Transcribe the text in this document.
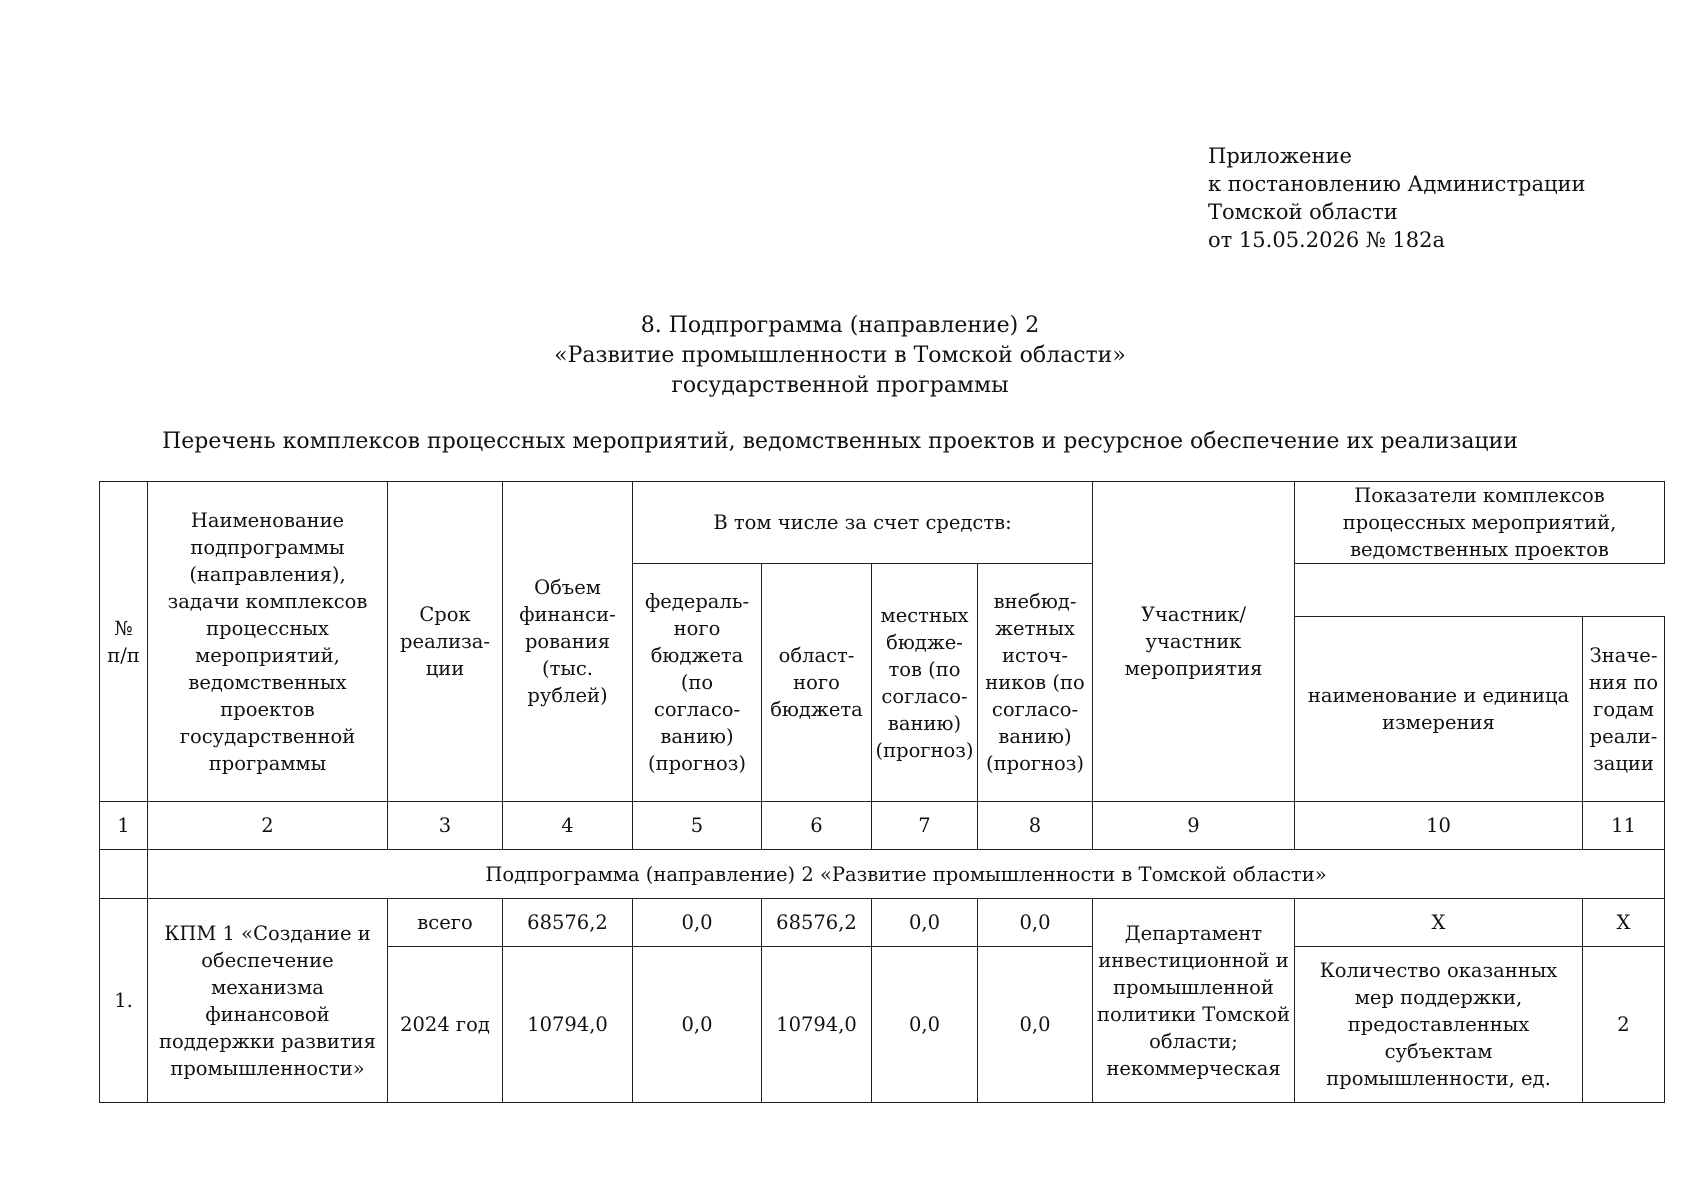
Приложение
к постановлению Администрации
Томской области
от 15.05.2026 № 182а
8. Подпрограмма (направление) 2
«Развитие промышленности в Томской области»
государственной программы
Перечень комплексов процессных мероприятий, ведомственных проектов и ресурсное обеспечение их реализации
№ п/п	Наименование подпрограммы (направления), задачи комплексов процессных мероприятий, ведомственных проектов государственной программы	Срок реализации	Объем финансирования (тыс. рублей)	В том числе за счет средств:				Участник/ участник мероприятия	Показатели комплексов процессных мероприятий, ведомственных проектов	
				федерального бюджета (по согласованию) (прогноз)	областного бюджета	местных бюджетов (по согласованию) (прогноз)	внебюджетных источников (по согласованию) (прогноз)			
									наименование и единица измерения	Значения по годам реализации
1	2	3	4	5	6	7	8	9	10	11
	Подпрограмма (направление) 2 «Развитие промышленности в Томской области»									
1.	КПМ 1 «Создание и обеспечение механизма финансовой поддержки развития промышленности»	всего	68576,2	0,0	68576,2	0,0	0,0	Департамент инвестиционной и промышленной политики Томской области; некоммерческая	Х	Х
		2024 год	10794,0	0,0	10794,0	0,0	0,0		Количество оказанных мер поддержки, предоставленных субъектам промышленности, ед.	2
